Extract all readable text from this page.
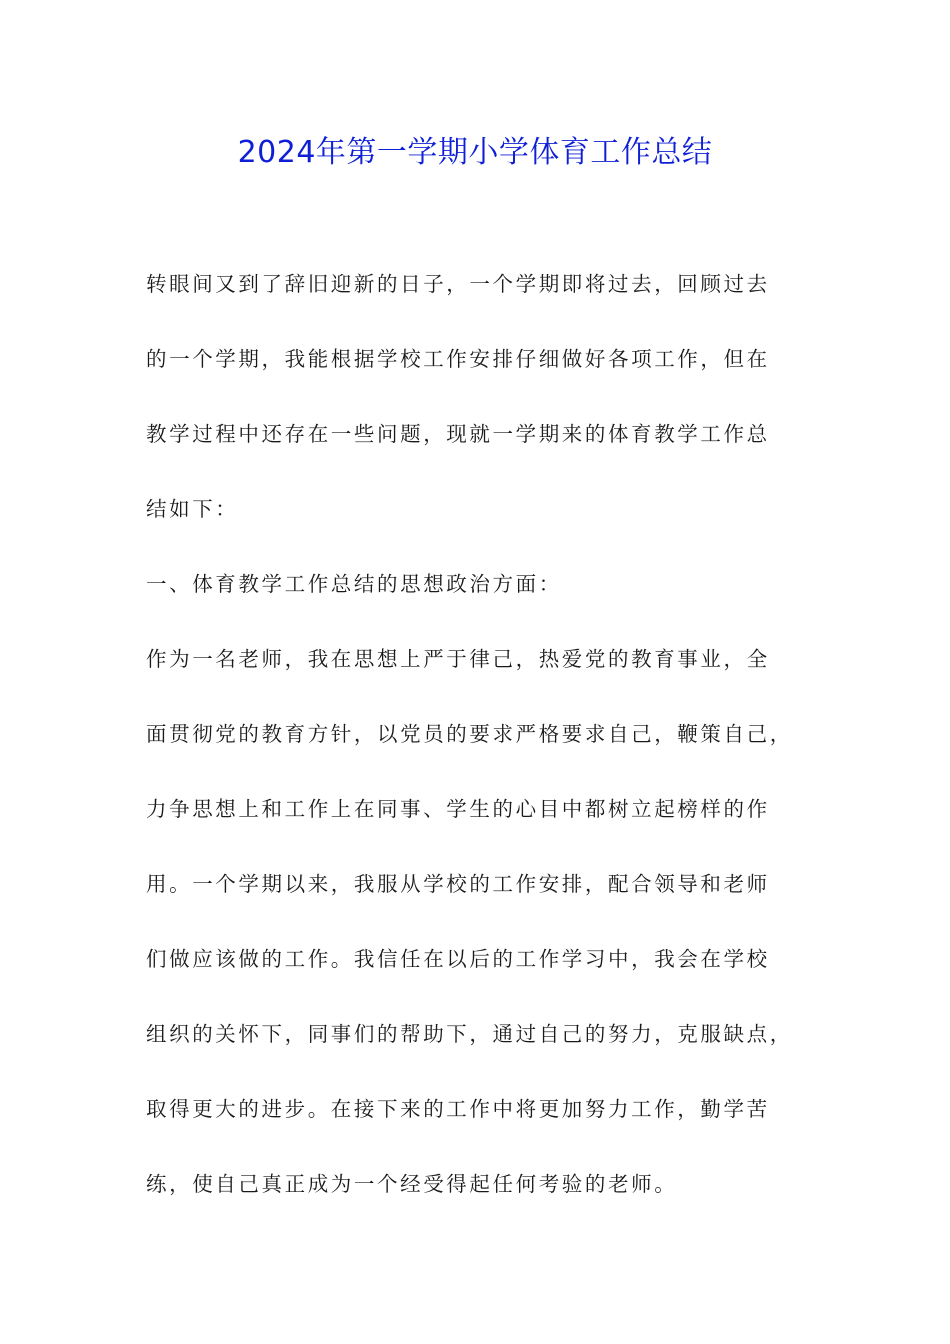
2024年第一学期小学体育工作总结
转眼间又到了辞旧迎新的日子，一个学期即将过去，回顾过去
的一个学期，我能根据学校工作安排仔细做好各项工作，但在
教学过程中还存在一些问题，现就一学期来的体育教学工作总
结如下：
一、体育教学工作总结的思想政治方面：
作为一名老师，我在思想上严于律己，热爱党的教育事业，全
面贯彻党的教育方针，以党员的要求严格要求自己，鞭策自己，
力争思想上和工作上在同事、学生的心目中都树立起榜样的作
用。一个学期以来，我服从学校的工作安排，配合领导和老师
们做应该做的工作。我信任在以后的工作学习中，我会在学校
组织的关怀下，同事们的帮助下，通过自己的努力，克服缺点，
取得更大的进步。在接下来的工作中将更加努力工作，勤学苦
练，使自己真正成为一个经受得起任何考验的老师。
